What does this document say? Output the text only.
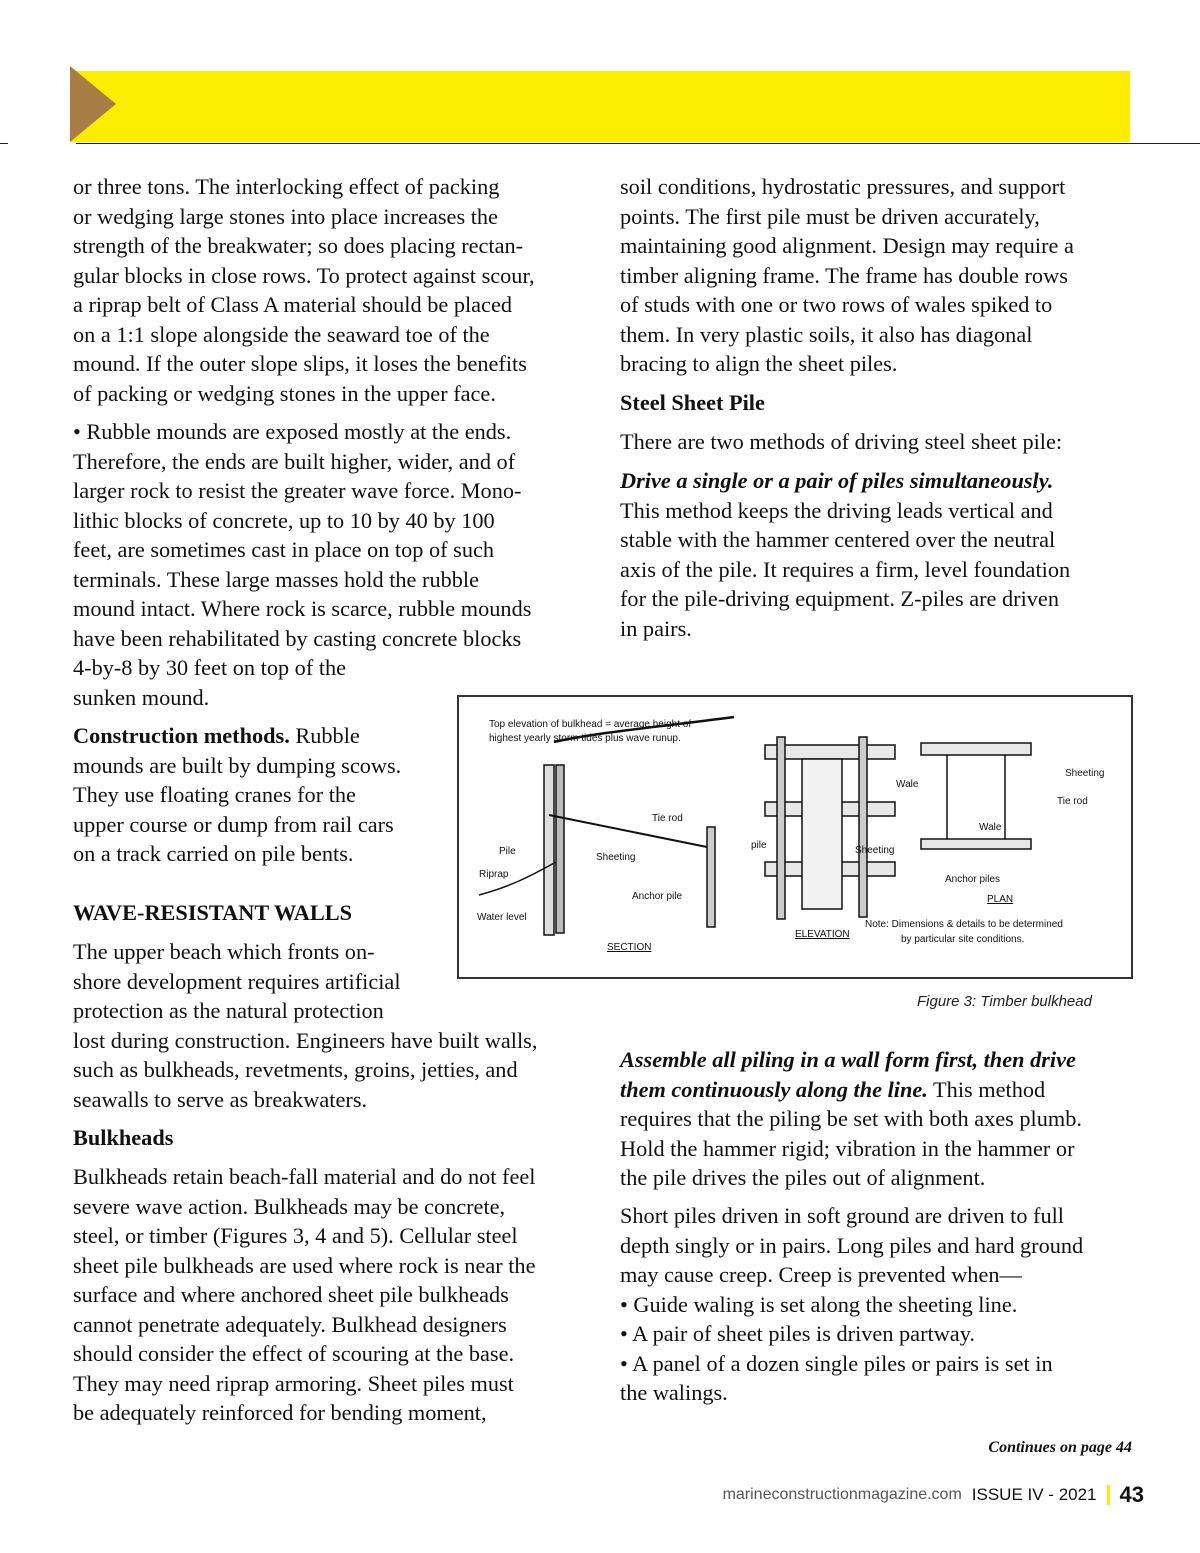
or three tons. The interlocking effect of packing
or wedging large stones into place increases the
strength of the breakwater; so does placing rectan-
gular blocks in close rows. To protect against scour,
a riprap belt of Class A material should be placed
on a 1:1 slope alongside the seaward toe of the
mound. If the outer slope slips, it loses the benefits
of packing or wedging stones in the upper face.
• Rubble mounds are exposed mostly at the ends.
Therefore, the ends are built higher, wider, and of
larger rock to resist the greater wave force. Mono-
lithic blocks of concrete, up to 10 by 40 by 100
feet, are sometimes cast in place on top of such
terminals. These large masses hold the rubble
mound intact. Where rock is scarce, rubble mounds
have been rehabilitated by casting concrete blocks
4-by-8 by 30 feet on top of the
sunken mound.
Construction methods. Rubble
mounds are built by dumping scows.
They use floating cranes for the
upper course or dump from rail cars
on a track carried on pile bents.
WAVE-RESISTANT WALLS
The upper beach which fronts on-
shore development requires artificial
protection as the natural protection
lost during construction. Engineers have built walls,
such as bulkheads, revetments, groins, jetties, and
seawalls to serve as breakwaters.
Bulkheads
Bulkheads retain beach-fall material and do not feel
severe wave action. Bulkheads may be concrete,
steel, or timber (Figures 3, 4 and 5). Cellular steel
sheet pile bulkheads are used where rock is near the
surface and where anchored sheet pile bulkheads
cannot penetrate adequately. Bulkhead designers
should consider the effect of scouring at the base.
They may need riprap armoring. Sheet piles must
be adequately reinforced for bending moment,
soil conditions, hydrostatic pressures, and support
points. The first pile must be driven accurately,
maintaining good alignment. Design may require a
timber aligning frame. The frame has double rows
of studs with one or two rows of wales spiked to
them. In very plastic soils, it also has diagonal
bracing to align the sheet piles.
Steel Sheet Pile
There are two methods of driving steel sheet pile:
Drive a single or a pair of piles simultaneously.
This method keeps the driving leads vertical and
stable with the hammer centered over the neutral
axis of the pile. It requires a firm, level foundation
for the pile-driving equipment. Z-piles are driven
in pairs.
Assemble all piling in a wall form first, then drive
them continuously along the line. This method
requires that the piling be set with both axes plumb.
Hold the hammer rigid; vibration in the hammer or
the pile drives the piles out of alignment.
Short piles driven in soft ground are driven to full
depth singly or in pairs. Long piles and hard ground
may cause creep. Creep is prevented when—
• Guide waling is set along the sheeting line.
• A pair of sheet piles is driven partway.
• A panel of a dozen single piles or pairs is set in
the walings.
Top elevation of bulkhead = average height of
highest yearly storm tides plus wave runup.
Tie rod
Pile
Sheeting
Riprap
Anchor pile
Water level
SECTION
Wale
pile	Sheeting
ELEVATION
Sheeting
Tie rod
Wale
Anchor piles
PLAN
Note: Dimensions & details to be determined
by particular site conditions.
Figure 3: Timber bulkhead
Continues on page 44
marineconstructionmagazine.com ISSUE IV - 2021 43
